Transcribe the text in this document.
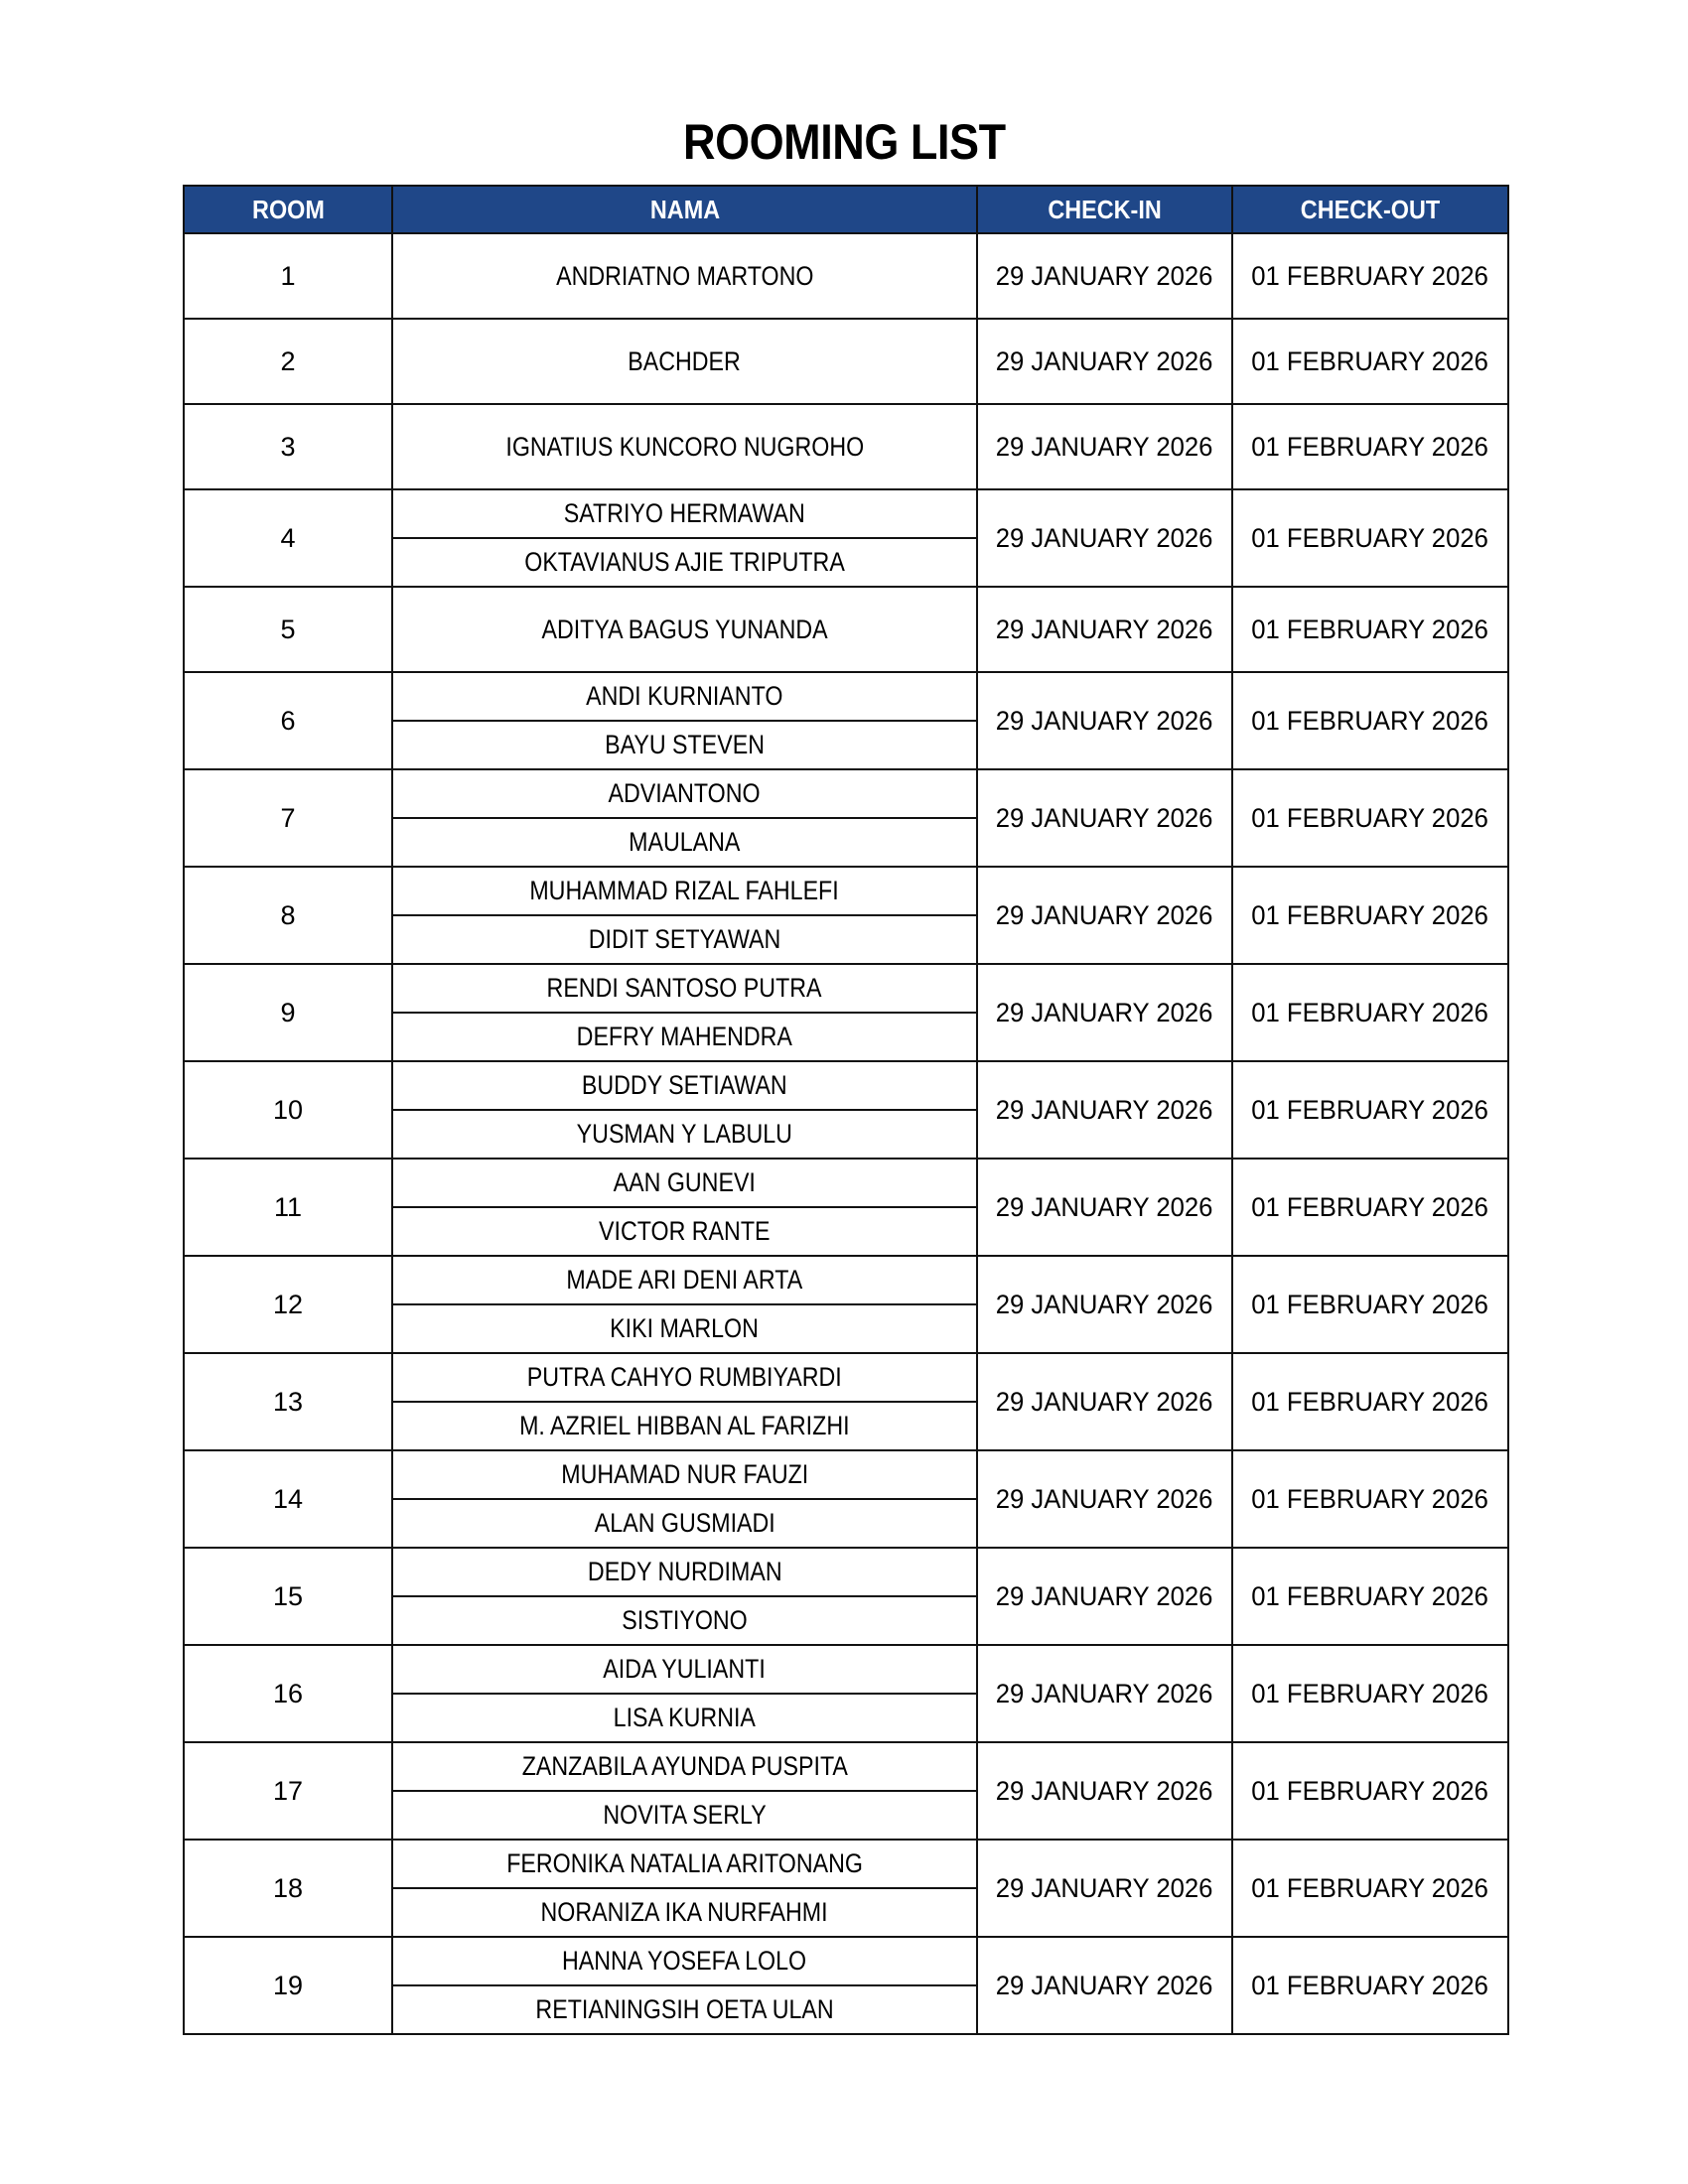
ROOMING LIST
ROOM	NAMA	CHECK-IN	CHECK-OUT
1	ANDRIATNO MARTONO	29 JANUARY 2026	01 FEBRUARY 2026
2	BACHDER	29 JANUARY 2026	01 FEBRUARY 2026
3	IGNATIUS KUNCORO NUGROHO	29 JANUARY 2026	01 FEBRUARY 2026
4	SATRIYO HERMAWAN	29 JANUARY 2026	01 FEBRUARY 2026
	OKTAVIANUS AJIE TRIPUTRA		
5	ADITYA BAGUS YUNANDA	29 JANUARY 2026	01 FEBRUARY 2026
6	ANDI KURNIANTO	29 JANUARY 2026	01 FEBRUARY 2026
	BAYU STEVEN		
7	ADVIANTONO	29 JANUARY 2026	01 FEBRUARY 2026
	MAULANA		
8	MUHAMMAD RIZAL FAHLEFI	29 JANUARY 2026	01 FEBRUARY 2026
	DIDIT SETYAWAN		
9	RENDI SANTOSO PUTRA	29 JANUARY 2026	01 FEBRUARY 2026
	DEFRY MAHENDRA		
10	BUDDY SETIAWAN	29 JANUARY 2026	01 FEBRUARY 2026
	YUSMAN Y LABULU		
11	AAN GUNEVI	29 JANUARY 2026	01 FEBRUARY 2026
	VICTOR RANTE		
12	MADE ARI DENI ARTA	29 JANUARY 2026	01 FEBRUARY 2026
	KIKI MARLON		
13	PUTRA CAHYO RUMBIYARDI	29 JANUARY 2026	01 FEBRUARY 2026
	M. AZRIEL HIBBAN AL FARIZHI		
14	MUHAMAD NUR FAUZI	29 JANUARY 2026	01 FEBRUARY 2026
	ALAN GUSMIADI		
15	DEDY NURDIMAN	29 JANUARY 2026	01 FEBRUARY 2026
	SISTIYONO		
16	AIDA YULIANTI	29 JANUARY 2026	01 FEBRUARY 2026
	LISA KURNIA		
17	ZANZABILA AYUNDA PUSPITA	29 JANUARY 2026	01 FEBRUARY 2026
	NOVITA SERLY		
18	FERONIKA NATALIA ARITONANG	29 JANUARY 2026	01 FEBRUARY 2026
	NORANIZA IKA NURFAHMI		
19	HANNA YOSEFA LOLO	29 JANUARY 2026	01 FEBRUARY 2026
	RETIANINGSIH OETA ULAN		
